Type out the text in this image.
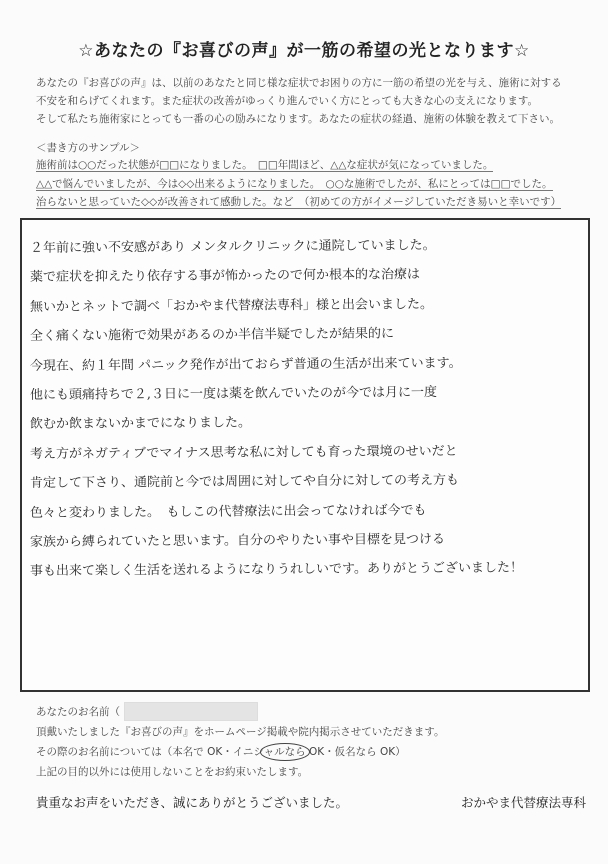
☆あなたの『お喜びの声』が一筋の希望の光となります☆

あなたの『お喜びの声』は、以前のあなたと同じ様な症状でお困りの方に一筋の希望の光を与え、施術に対する

不安を和らげてくれます。また症状の改善がゆっくり進んでいく方にとっても大きな心の支えになります。

そして私たち施術家にとっても一番の心の励みになります。あなたの症状の経過、施術の体験を教えて下さい。

＜書き方のサンプル＞

施術前は○○だった状態が□□になりました。　□□年間ほど、△△な症状が気になっていました。

△△で悩んでいましたが、今は◇◇出来るようになりました。　○○な施術でしたが、私にとっては□□でした。

治らないと思っていた◇◇が改善されて感動した。など　（初めての方がイメージしていただき易いと幸いです）

２年前に強い不安感があり メンタルクリニックに通院していました。

薬で症状を抑えたり依存する事が怖かったので何か根本的な治療は

無いかとネットで調べ「おかやま代替療法専科」様と出会いました。

全く痛くない施術で効果があるのか半信半疑でしたが結果的に

今現在、約１年間 パニック発作が出ておらず普通の生活が出来ています。

他にも頭痛持ちで２,３日に一度は薬を飲んでいたのが今では月に一度

飲むか飲まないかまでになりました。

考え方がネガティブでマイナス思考な私に対しても育った環境のせいだと

肯定して下さり、通院前と今では周囲に対してや自分に対しての考え方も

色々と変わりました。　もしこの代替療法に出会ってなければ今でも

家族から縛られていたと思います。自分のやりたい事や目標を見つける

事も出来て楽しく生活を送れるようになりうれしいです。ありがとうございました！

あなたのお名前（

頂戴いたしました『お喜びの声』をホームページ掲載や院内掲示させていただきます。

その際のお名前については（本名で OK・イニシャルなら OK・仮名なら OK）

上記の目的以外には使用しないことをお約束いたします。

貴重なお声をいただき、誠にありがとうございました。	おかやま代替療法専科
